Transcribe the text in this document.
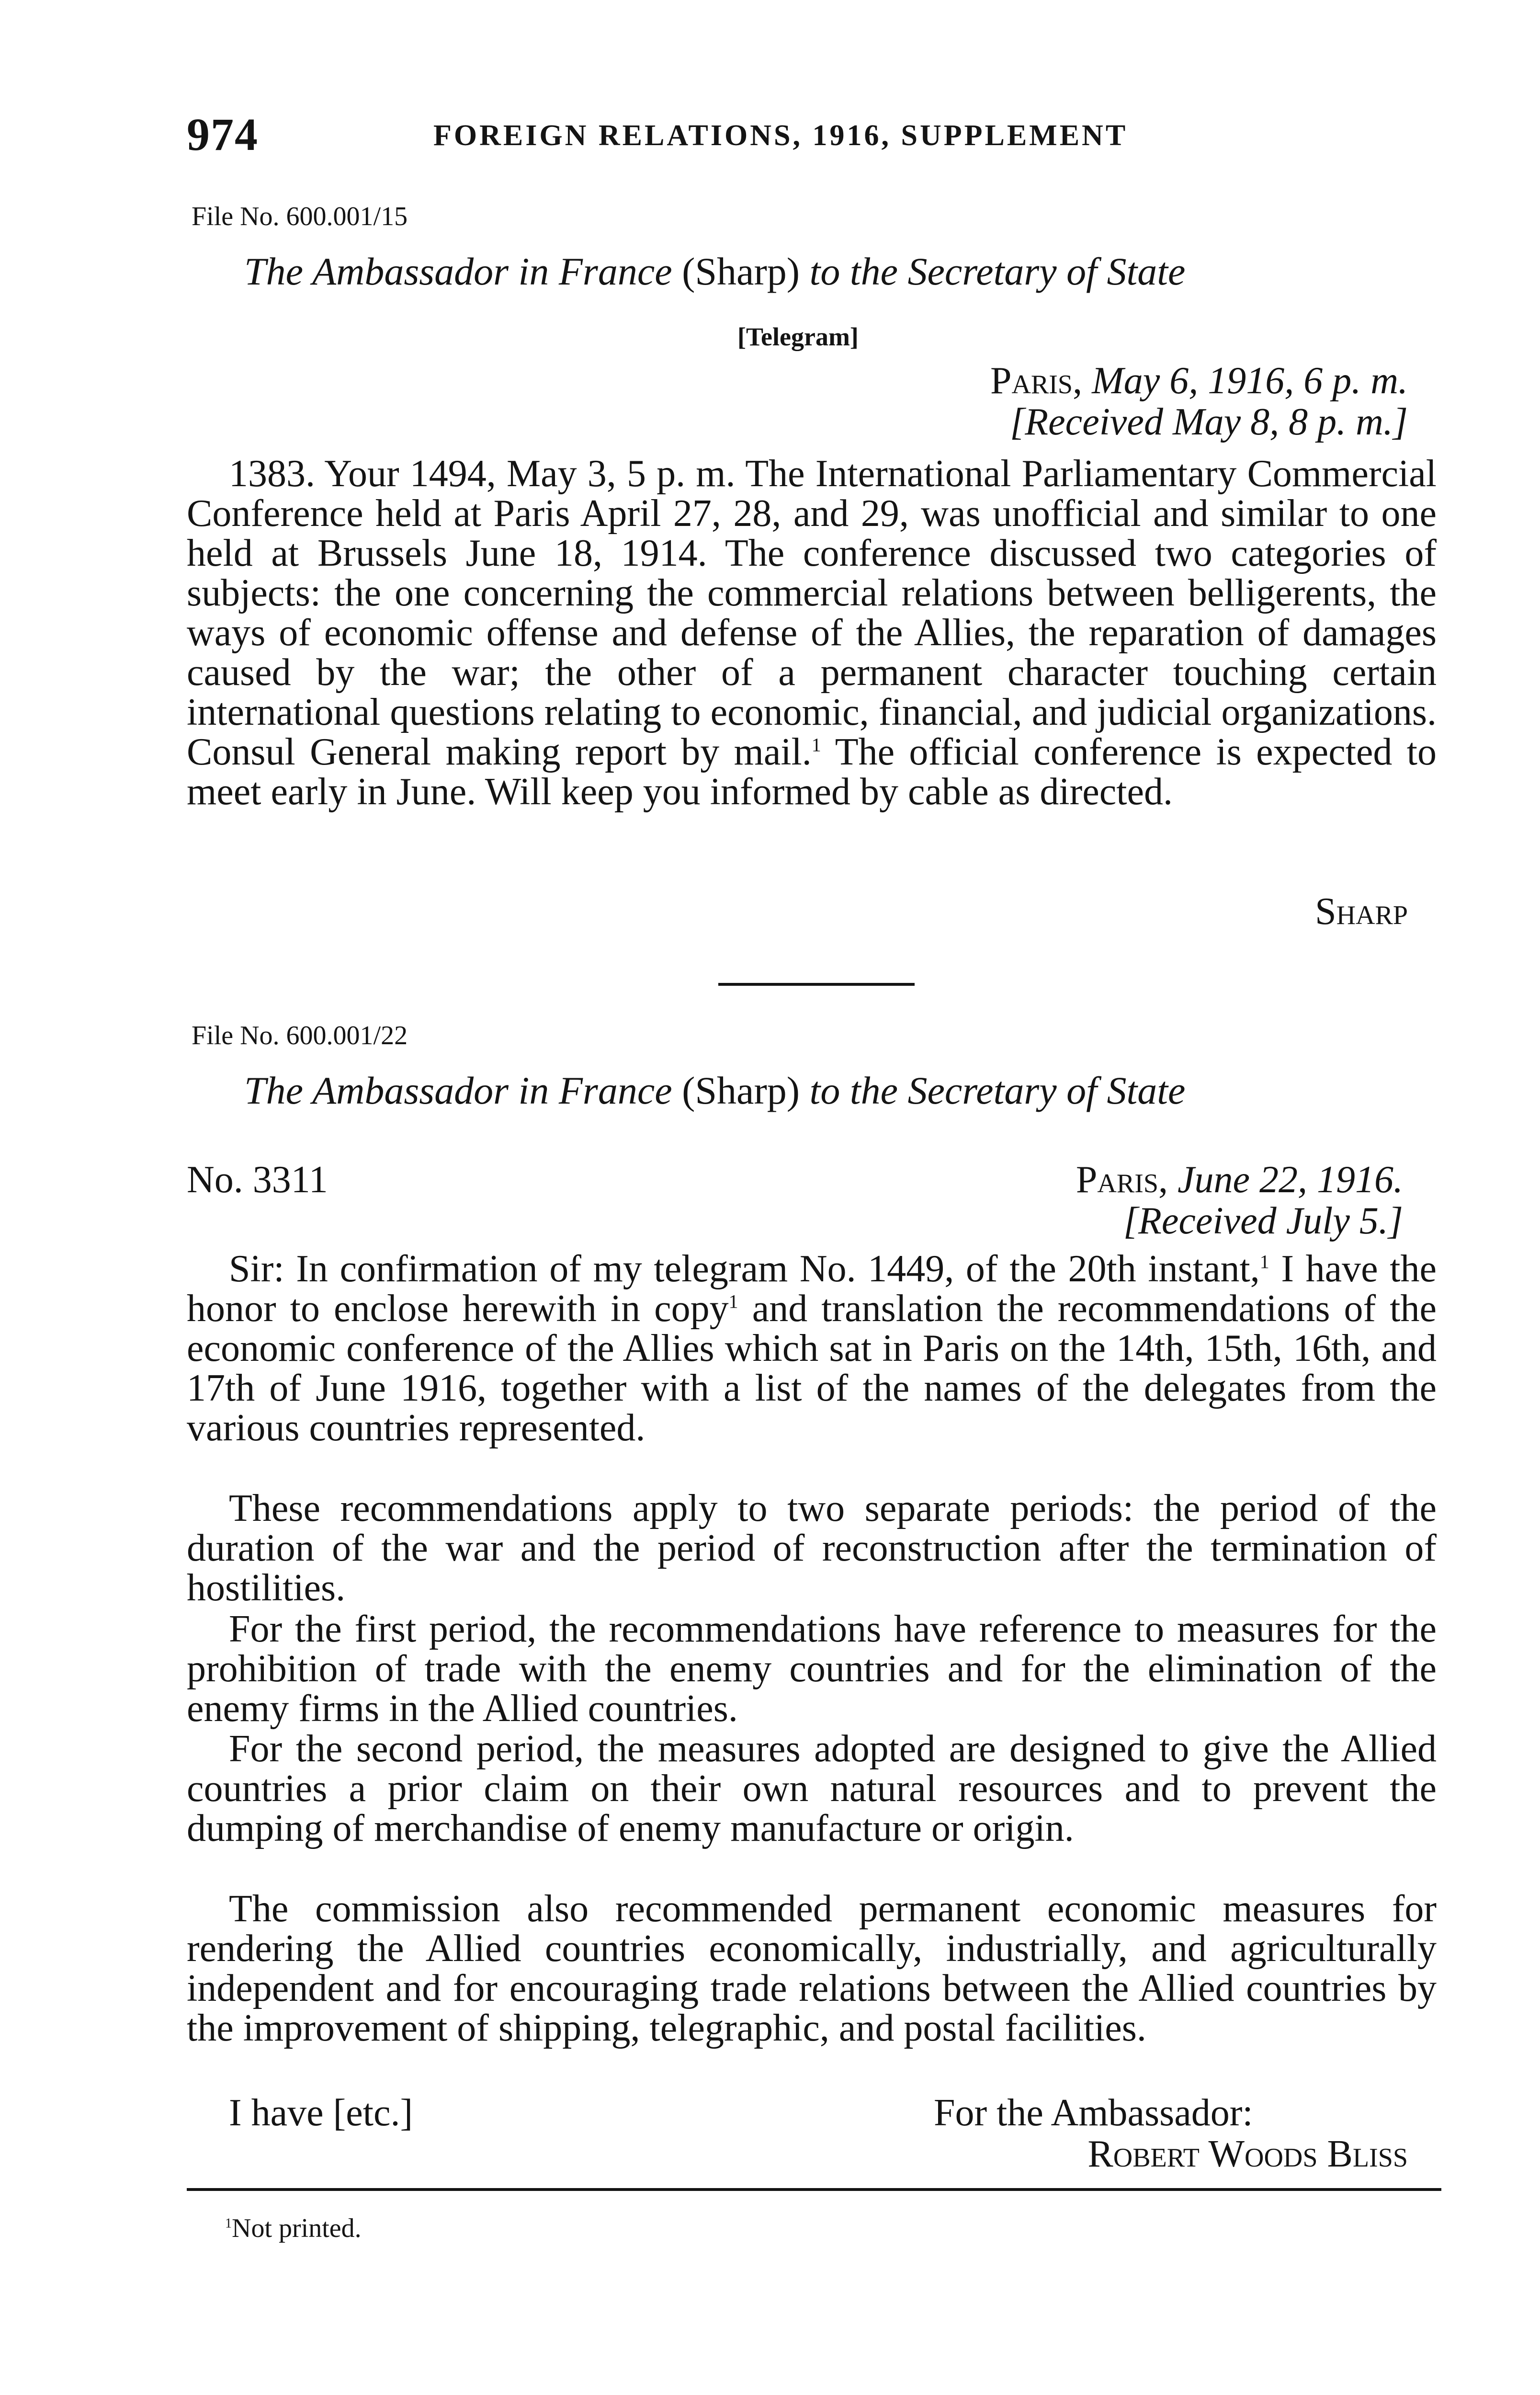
974	FOREIGN RELATIONS, 1916, SUPPLEMENT
File No. 600.001/15
The Ambassador in France (Sharp) to the Secretary of State
[Telegram]
Paris, May 6, 1916, 6 p. m.
[Received May 8, 8 p. m.]

1383. Your 1494, May 3, 5 p. m. The International Parliamentary Commercial Conference held at Paris April 27, 28, and 29, was unofficial and similar to one held at Brussels June 18, 1914. The conference discussed two categories of subjects: the one concerning the commercial relations between belligerents, the ways of economic offense and defense of the Allies, the reparation of damages caused by the war; the other of a permanent character touching certain international questions relating to economic, financial, and judicial organizations. Consul General making report by mail.$^1$ The official conference is expected to meet early in June. Will keep you informed by cable as directed.

Sharp
File No. 600.001/22
The Ambassador in France (Sharp) to the Secretary of State
No. 3311	Paris, June 22, 1916.
[Received July 5.]

Sir: In confirmation of my telegram No. 1449, of the 20th instant,$^1$ I have the honor to enclose herewith in copy$^1$ and translation the recommendations of the economic conference of the Allies which sat in Paris on the 14th, 15th, 16th, and 17th of June 1916, together with a list of the names of the delegates from the various countries represented.

These recommendations apply to two separate periods: the period of the duration of the war and the period of reconstruction after the termination of hostilities.

For the first period, the recommendations have reference to measures for the prohibition of trade with the enemy countries and for the elimination of the enemy firms in the Allied countries.

For the second period, the measures adopted are designed to give the Allied countries a prior claim on their own natural resources and to prevent the dumping of merchandise of enemy manufacture or origin.

The commission also recommended permanent economic measures for rendering the Allied countries economically, industrially, and agriculturally independent and for encouraging trade relations between the Allied countries by the improvement of shipping, telegraphic, and postal facilities.

I have [etc.]	For the Ambassador:
Robert Woods Bliss
$^1$Not printed.
